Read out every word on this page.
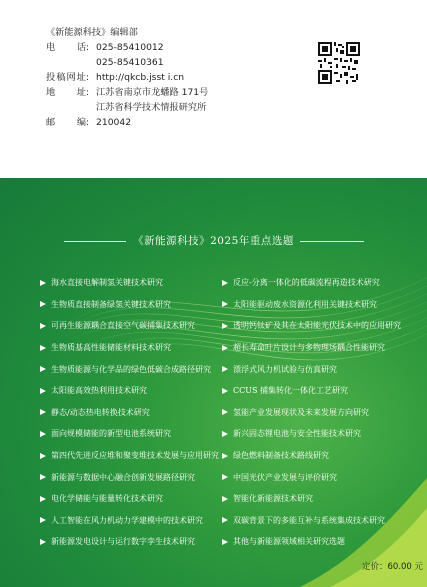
《新能源科技》编辑部
电 话 : 025-85410012
025-85410361
投 稿 网 址 : http://qkcb.jsst i.cn
地 址 : 江苏省南京市龙蟠路 171号
江苏省科学技术情报研究所
邮 编 : 210042
《新能源科技》2025年重点选题
海水直接电解制氢关键技术研究
生物质直接制备绿氢关键技术研究
可再生能源耦合直接空气碳捕集技术研究
生物质基高性能储能材料技术研究
生物质能源与化学品的绿色低碳合成路径研究
太阳能高效热利用技术研究
静态/动态热电转换技术研究
面向规模储能的新型电池系统研究
第四代先进反应堆和聚变堆技术发展与应用研究
新能源与数据中心融合创新发展路径研究
电化学储能与能量转化技术研究
人工智能在风力机动力学建模中的技术研究
新能源发电设计与运行数字孪生技术研究
反应-分离一体化的低碳流程再造技术研究
太阳能驱动废水资源化利用关键技术研究
透明钙钛矿及其在太阳能光伏技术中的应用研究
超长寿命叶片设计与多物理场耦合性能研究
漂浮式风力机试验与仿真研究
CCUS 捕集转化一体化工艺研究
氢能产业发展现状及未来发展方向研究
新兴固态锂电池与安全性能技术研究
绿色燃料制备技术路线研究
中国光伏产业发展与评价研究
智能化新能源技术研究
双碳背景下的多能互补与系统集成技术研究
其他与新能源领域相关研究选题
定价：60.00 元
